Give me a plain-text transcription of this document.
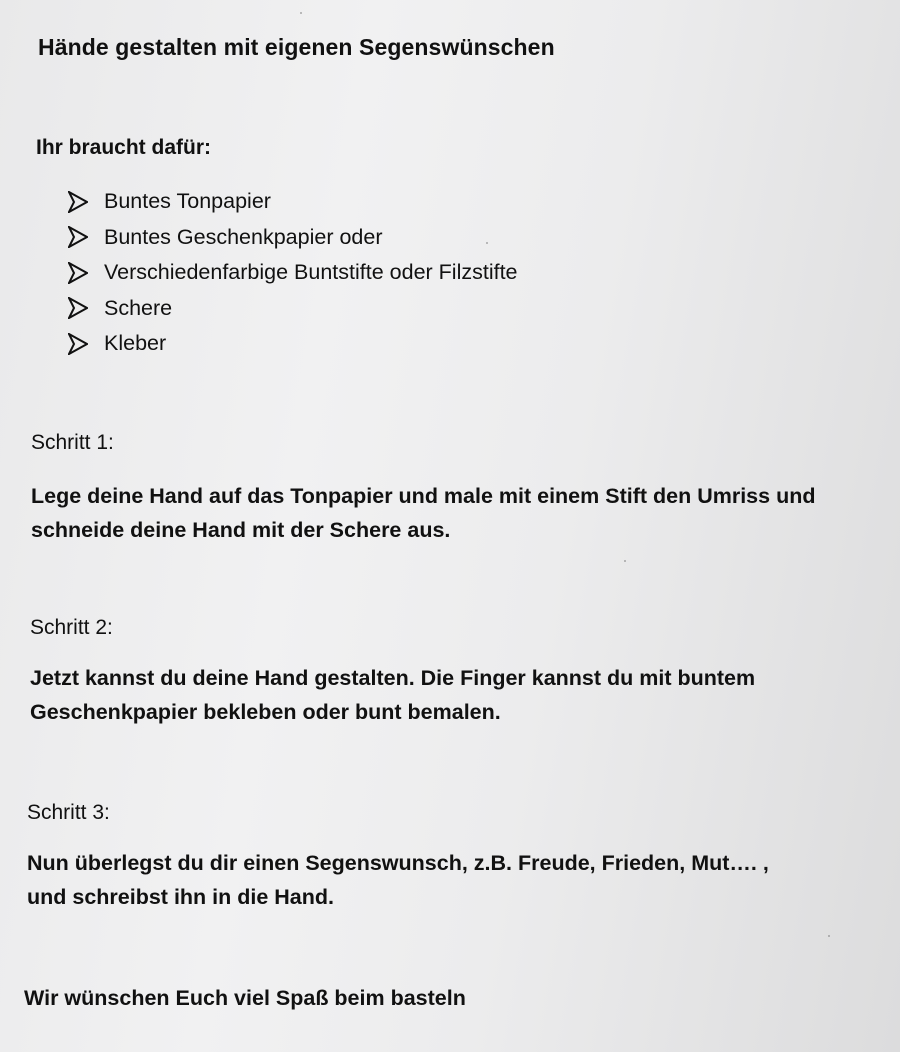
Hände gestalten mit eigenen Segenswünschen
Ihr braucht dafür:
Buntes Tonpapier
Buntes Geschenkpapier oder
Verschiedenfarbige Buntstifte oder Filzstifte
Schere
Kleber
Schritt 1:
Lege deine Hand auf das Tonpapier und male mit einem Stift den Umriss und
schneide deine Hand mit der Schere aus.
Schritt 2:
Jetzt kannst du deine Hand gestalten. Die Finger kannst du mit buntem
Geschenkpapier bekleben oder bunt bemalen.
Schritt 3:
Nun überlegst du dir einen Segenswunsch, z.B. Freude, Frieden, Mut…. ,
und schreibst ihn in die Hand.
Wir wünschen Euch viel Spaß beim basteln
